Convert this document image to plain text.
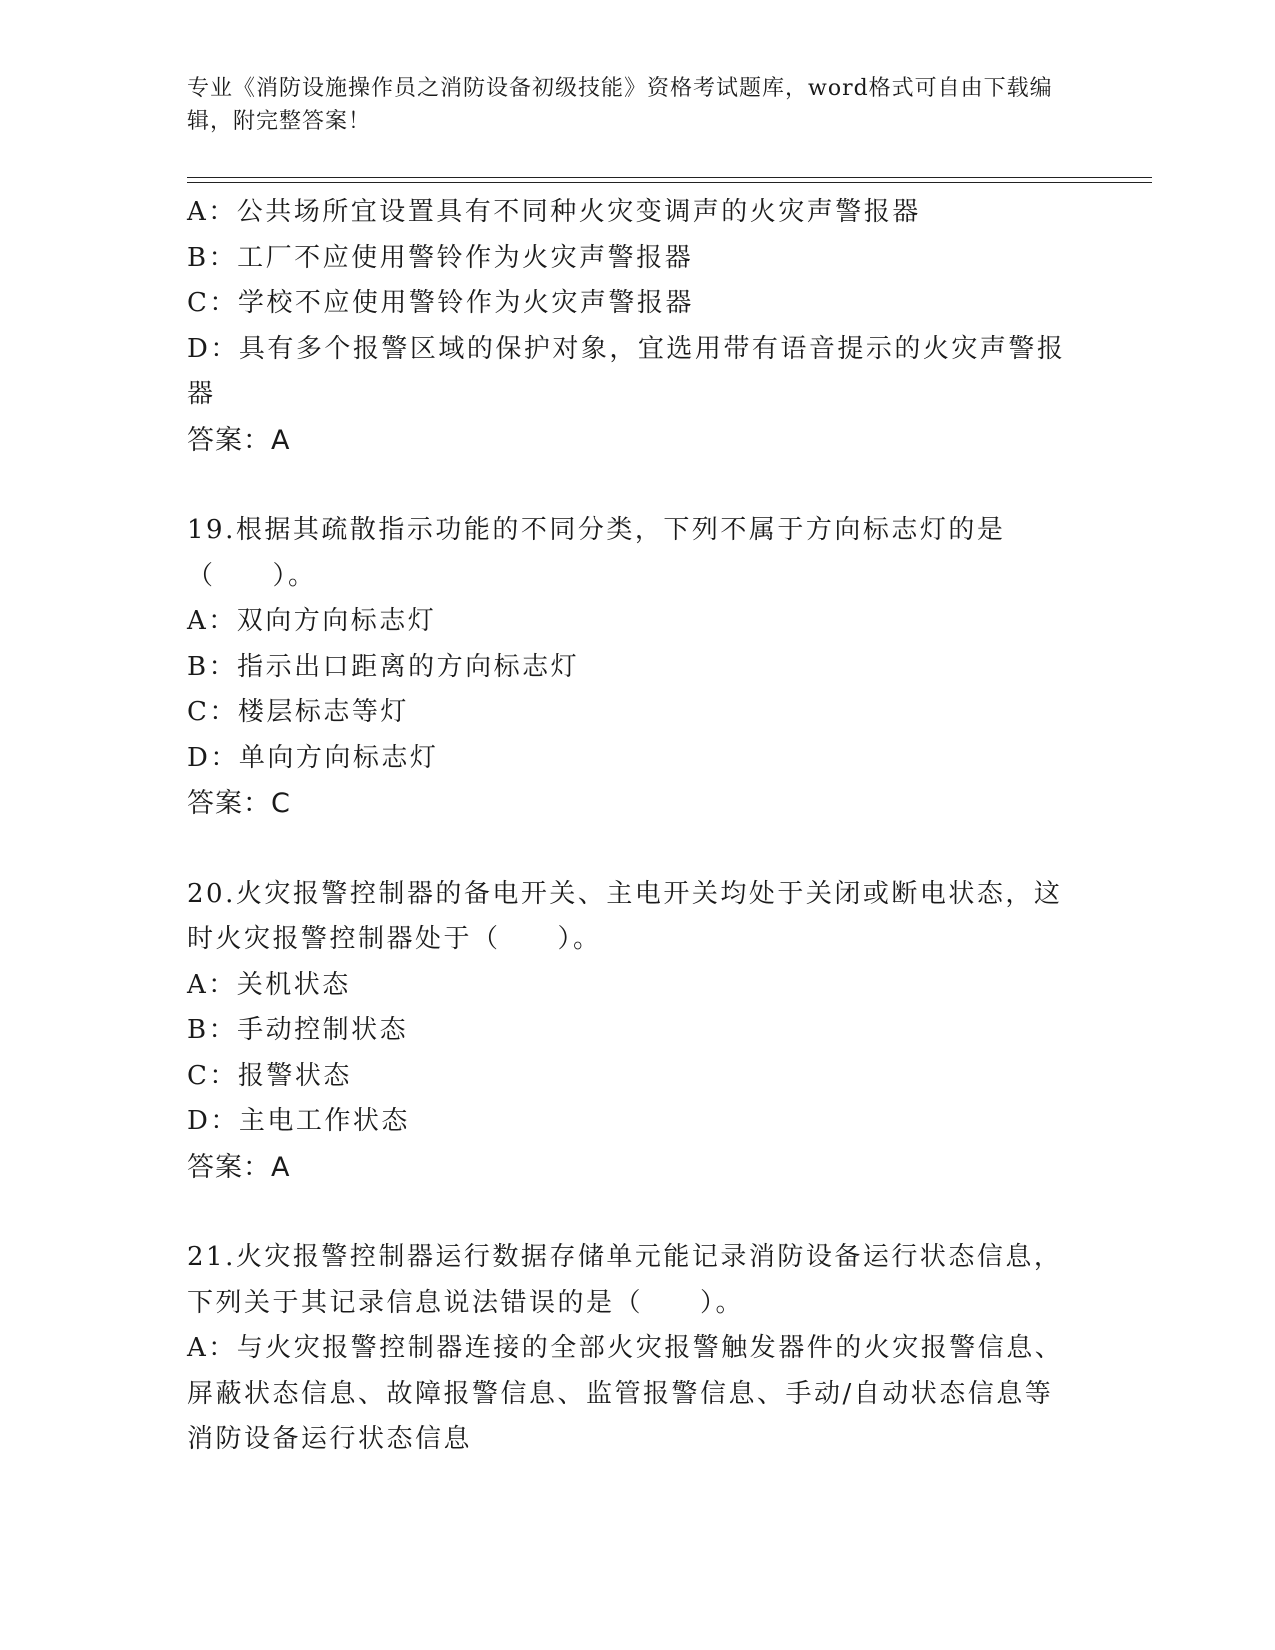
专业《消防设施操作员之消防设备初级技能》资格考试题库，word格式可自由下载编辑，附完整答案！

A：公共场所宜设置具有不同种火灾变调声的火灾声警报器

B：工厂不应使用警铃作为火灾声警报器

C：学校不应使用警铃作为火灾声警报器

D：具有多个报警区域的保护对象，宜选用带有语音提示的火灾声警报器

答案：A

19.根据其疏散指示功能的不同分类，下列不属于方向标志灯的是（　　）。

A：双向方向标志灯

B：指示出口距离的方向标志灯

C：楼层标志等灯

D：单向方向标志灯

答案：C

20.火灾报警控制器的备电开关、主电开关均处于关闭或断电状态，这时火灾报警控制器处于（　　）。

A：关机状态

B：手动控制状态

C：报警状态

D：主电工作状态

答案：A

21.火灾报警控制器运行数据存储单元能记录消防设备运行状态信息，下列关于其记录信息说法错误的是（　　）。

A：与火灾报警控制器连接的全部火灾报警触发器件的火灾报警信息、屏蔽状态信息、故障报警信息、监管报警信息、手动/自动状态信息等消防设备运行状态信息
